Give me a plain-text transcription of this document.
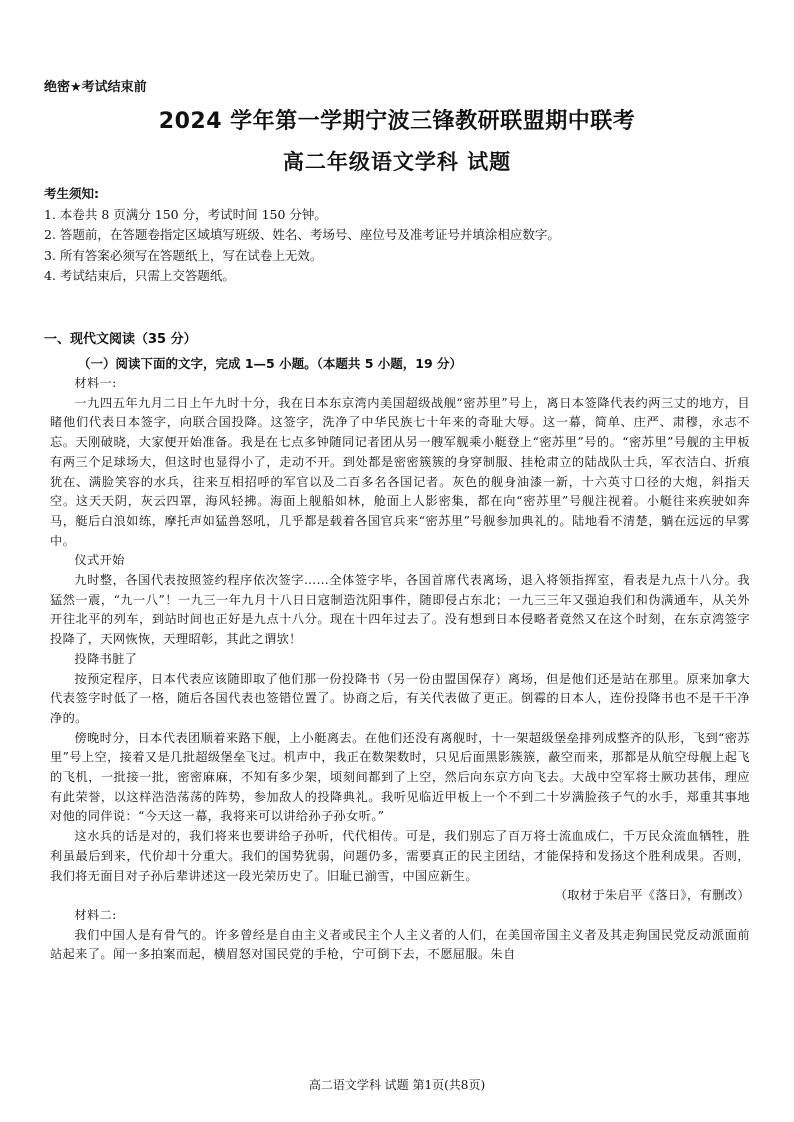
绝密★考试结束前
2024 学年第一学期宁波三锋教研联盟期中联考
高二年级语文学科 试题
考生须知:
1. 本卷共 8 页满分 150 分，考试时间 150 分钟。
2. 答题前，在答题卷指定区域填写班级、姓名、考场号、座位号及准考证号并填涂相应数字。
3. 所有答案必须写在答题纸上，写在试卷上无效。
4. 考试结束后，只需上交答题纸。
一、现代文阅读（35 分）
（一）阅读下面的文字，完成 1—5 小题。（本题共 5 小题，19 分）

材料一:

一九四五年九月二日上午九时十分，我在日本东京湾内美国超级战舰“密苏里”号上，离日本签降代表约两三丈的地方，目睹他们代表日本签字，向联合国投降。这签字，洗净了中华民族七十年来的奇耻大辱。这一幕，简单、庄严、肃穆，永志不忘。天刚破晓，大家便开始准备。我是在七点多钟随同记者团从另一艘军舰乘小艇登上“密苏里”号的。“密苏里”号舰的主甲板有两三个足球场大，但这时也显得小了，走动不开。到处都是密密簇簇的身穿制服、挂枪肃立的陆战队士兵，军衣洁白、折痕犹在、满脸笑容的水兵，往来互相招呼的军官以及二百多名各国记者。灰色的舰身油漆一新，十六英寸口径的大炮，斜指天空。这天天阴，灰云四罩，海风轻拂。海面上舰船如林，舱面上人影密集，都在向“密苏里”号舰注视着。小艇往来疾驶如奔马，艇后白浪如练，摩托声如猛兽怒吼，几乎都是载着各国官兵来“密苏里”号舰参加典礼的。陆地看不清楚，躺在远远的早雾中。

仪式开始

九时整，各国代表按照签约程序依次签字……全体签字毕，各国首席代表离场，退入将领指挥室，看表是九点十八分。我猛然一震，“九一八”！一九三一年九月十八日日寇制造沈阳事件，随即侵占东北；一九三三年又强迫我们和伪满通车，从关外开往北平的列车，到站时间也正好是九点十八分。现在十四年过去了。没有想到日本侵略者竟然又在这个时刻，在东京湾签字投降了，天网恢恢，天理昭彰，其此之谓欤！

投降书脏了

按预定程序，日本代表应该随即取了他们那一份投降书（另一份由盟国保存）离场，但是他们还是站在那里。原来加拿大代表签字时低了一格，随后各国代表也签错位置了。协商之后，有关代表做了更正。倒霉的日本人，连份投降书也不是干干净净的。

傍晚时分，日本代表团顺着来路下舰，上小艇离去。在他们还没有离舰时，十一架超级堡垒排列成整齐的队形，飞到“密苏里”号上空，接着又是几批超级堡垒飞过。机声中，我正在数架数时，只见后面黑影簇簇，蔽空而来，那都是从航空母舰上起飞的飞机，一批接一批，密密麻麻，不知有多少架，顷刻间都到了上空，然后向东京方向飞去。大战中空军将士厥功甚伟，理应有此荣誉，以这样浩浩荡荡的阵势，参加敌人的投降典礼。我听见临近甲板上一个不到二十岁满脸孩子气的水手，郑重其事地对他的同伴说：“今天这一幕，我将来可以讲给孙子孙女听。”

这水兵的话是对的，我们将来也要讲给子孙听，代代相传。可是，我们别忘了百万将士流血成仁，千万民众流血牺牲，胜利虽最后到来，代价却十分重大。我们的国势犹弱，问题仍多，需要真正的民主团结，才能保持和发扬这个胜利成果。否则，我们将无面目对子孙后辈讲述这一段光荣历史了。旧耻已湔雪，中国应新生。

（取材于朱启平《落日》，有删改）

材料二:

我们中国人是有骨气的。许多曾经是自由主义者或民主个人主义者的人们，在美国帝国主义者及其走狗国民党反动派面前站起来了。闻一多拍案而起，横眉怒对国民党的手枪，宁可倒下去，不愿屈服。朱自

高二语文学科 试题 第1页(共8页)
